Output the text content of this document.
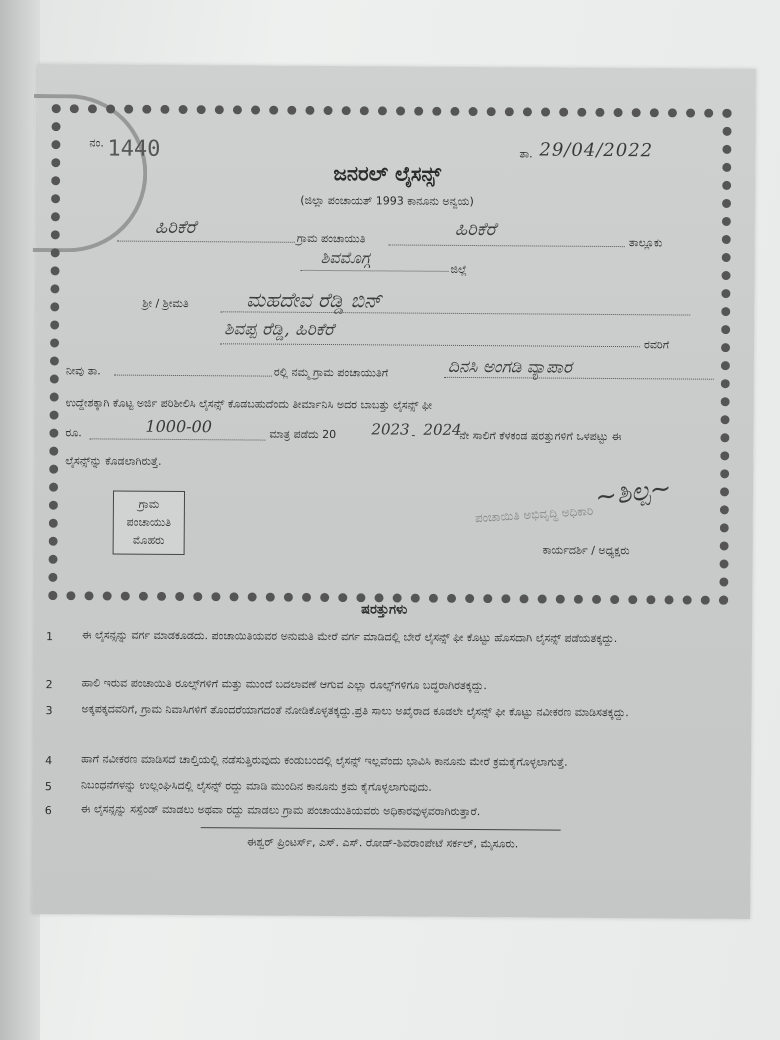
ನಂ. 1440	ತಾ. 29/04/2022
ಜನರಲ್ ಲೈಸನ್ಸ್
(ಜಿಲ್ಲಾ ಪಂಚಾಯತ್ 1993 ಕಾನೂನು ಅನ್ವಯ)
ಹಿರಿಕೆರೆ
ಗ್ರಾಮ ಪಂಚಾಯುತಿ	ಹಿರಿಕೆರೆ
ತಾಲ್ಲೂಕು
ಶಿವಮೊಗ್ಗ
ಜಿಲ್ಲೆ
ಶ್ರೀ / ಶ್ರೀಮತಿ	ಮಹದೇವ ರೆಡ್ಡಿ ಬಿನ್
ಶಿವಪ್ಪ ರೆಡ್ಡಿ, ಹಿರಿಕೆರೆ
ರವರಿಗೆ
ನೀವು ತಾ.	ರಲ್ಲಿ ನಮ್ಮ ಗ್ರಾಮ ಪಂಚಾಯುತಿಗೆ	ದಿನಸಿ ಅಂಗಡಿ ವ್ಯಾಪಾರ
ಉದ್ದೇಶಕ್ಕಾಗಿ ಕೊಟ್ಟ ಅರ್ಜಿ ಪರಿಶೀಲಿಸಿ ಲೈಸನ್ಸ್ ಕೊಡಬಹುದೆಂದು ತೀರ್ಮಾನಿಸಿ ಅದರ ಬಾಬತ್ತು ಲೈಸನ್ಸ್ ಫೀ
ರೂ.	1000-00	ಮಾತ್ರ ಪಡೆದು 20 2023 - 2024
ನೇ ಸಾಲಿಗೆ ಕೆಳಕಂಡ ಷರತ್ತುಗಳಿಗೆ ಒಳಪಟ್ಟು ಈ
ಲೈಸನ್ಸ್‌ನ್ನು ಕೊಡಲಾಗಿರುತ್ತೆ.
ಗ್ರಾಮ
ಪಂಚಾಯುತಿ
ಮೊಹರು
~ಶಿಲ್ಪ~
ಪಂಚಾಯಿತಿ ಅಭಿವೃದ್ಧಿ ಅಧಿಕಾರಿ
ಕಾರ್ಯದರ್ಶಿ / ಅಧ್ಯಕ್ಷರು
ಷರತ್ತುಗಳು
1	ಈ ಲೈಸನ್ಸನ್ನು ವರ್ಗ ಮಾಡಕೂಡದು. ಪಂಚಾಯಿತಿಯವರ ಅನುಮತಿ ಮೇರೆ ವರ್ಗ ಮಾಡಿದಲ್ಲಿ ಬೇರೆ ಲೈಸನ್ಸ್ ಫೀ ಕೊಟ್ಟು ಹೊಸದಾಗಿ ಲೈಸನ್ಸ್ ಪಡೆಯತಕ್ಕದ್ದು.
2	ಹಾಲಿ ಇರುವ ಪಂಚಾಯಿತಿ ರೂಲ್ಸ್‌ಗಳಿಗೆ ಮತ್ತು ಮುಂದೆ ಬದಲಾವಣೆ ಆಗುವ ಎಲ್ಲಾ ರೂಲ್ಸ್‌ಗಳಿಗೂ ಬದ್ಧರಾಗಿರತಕ್ಕದ್ದು.
3	ಅಕ್ಕಪಕ್ಕದವರಿಗೆ, ಗ್ರಾಮ ನಿವಾಸಿಗಳಿಗೆ ತೊಂದರೆಯಾಗದಂತೆ ನೋಡಿಕೊಳ್ಳತಕ್ಕದ್ದು.ಪ್ರತಿ ಸಾಲು ಅಖೈರಾದ ಕೂಡಲೇ ಲೈಸನ್ಸ್ ಫೀ ಕೊಟ್ಟು ನವೀಕರಣ ಮಾಡಿಸತಕ್ಕದ್ದು.
4	ಹಾಗೆ ನವೀಕರಣ ಮಾಡಿಸದೆ ಚಾಲ್ತಿಯಲ್ಲಿ ನಡೆಸುತ್ತಿರುವುದು ಕಂಡುಬಂದಲ್ಲಿ ಲೈಸನ್ಸ್ ಇಲ್ಲವೆಂದು ಭಾವಿಸಿ ಕಾನೂನು ಮೇರೆ ಕ್ರಮಕೈಗೊಳ್ಳಲಾಗುತ್ತೆ.
5	ನಿಬಂಧನೆಗಳನ್ನು ಉಲ್ಲಂಘಿಸಿದಲ್ಲಿ ಲೈಸನ್ಸ್ ರದ್ದು ಮಾಡಿ ಮುಂದಿನ ಕಾನೂನು ಕ್ರಮ ಕೈಗೊಳ್ಳಲಾಗುವುದು.
6	ಈ ಲೈಸನ್ಸನ್ನು ಸಸ್ಪೆಂಡ್ ಮಾಡಲು ಅಥವಾ ರದ್ದು ಮಾಡಲು ಗ್ರಾಮ ಪಂಚಾಯುತಿಯವರು ಅಧಿಕಾರವುಳ್ಳವರಾಗಿರುತ್ತಾರೆ.
ಈಶ್ವರ್ ಪ್ರಿಂಟರ್ಸ್, ಎಸ್. ಎಸ್. ರೋಡ್-ಶಿವರಾಂಪೇಟೆ ಸರ್ಕಲ್, ಮೈಸೂರು.
